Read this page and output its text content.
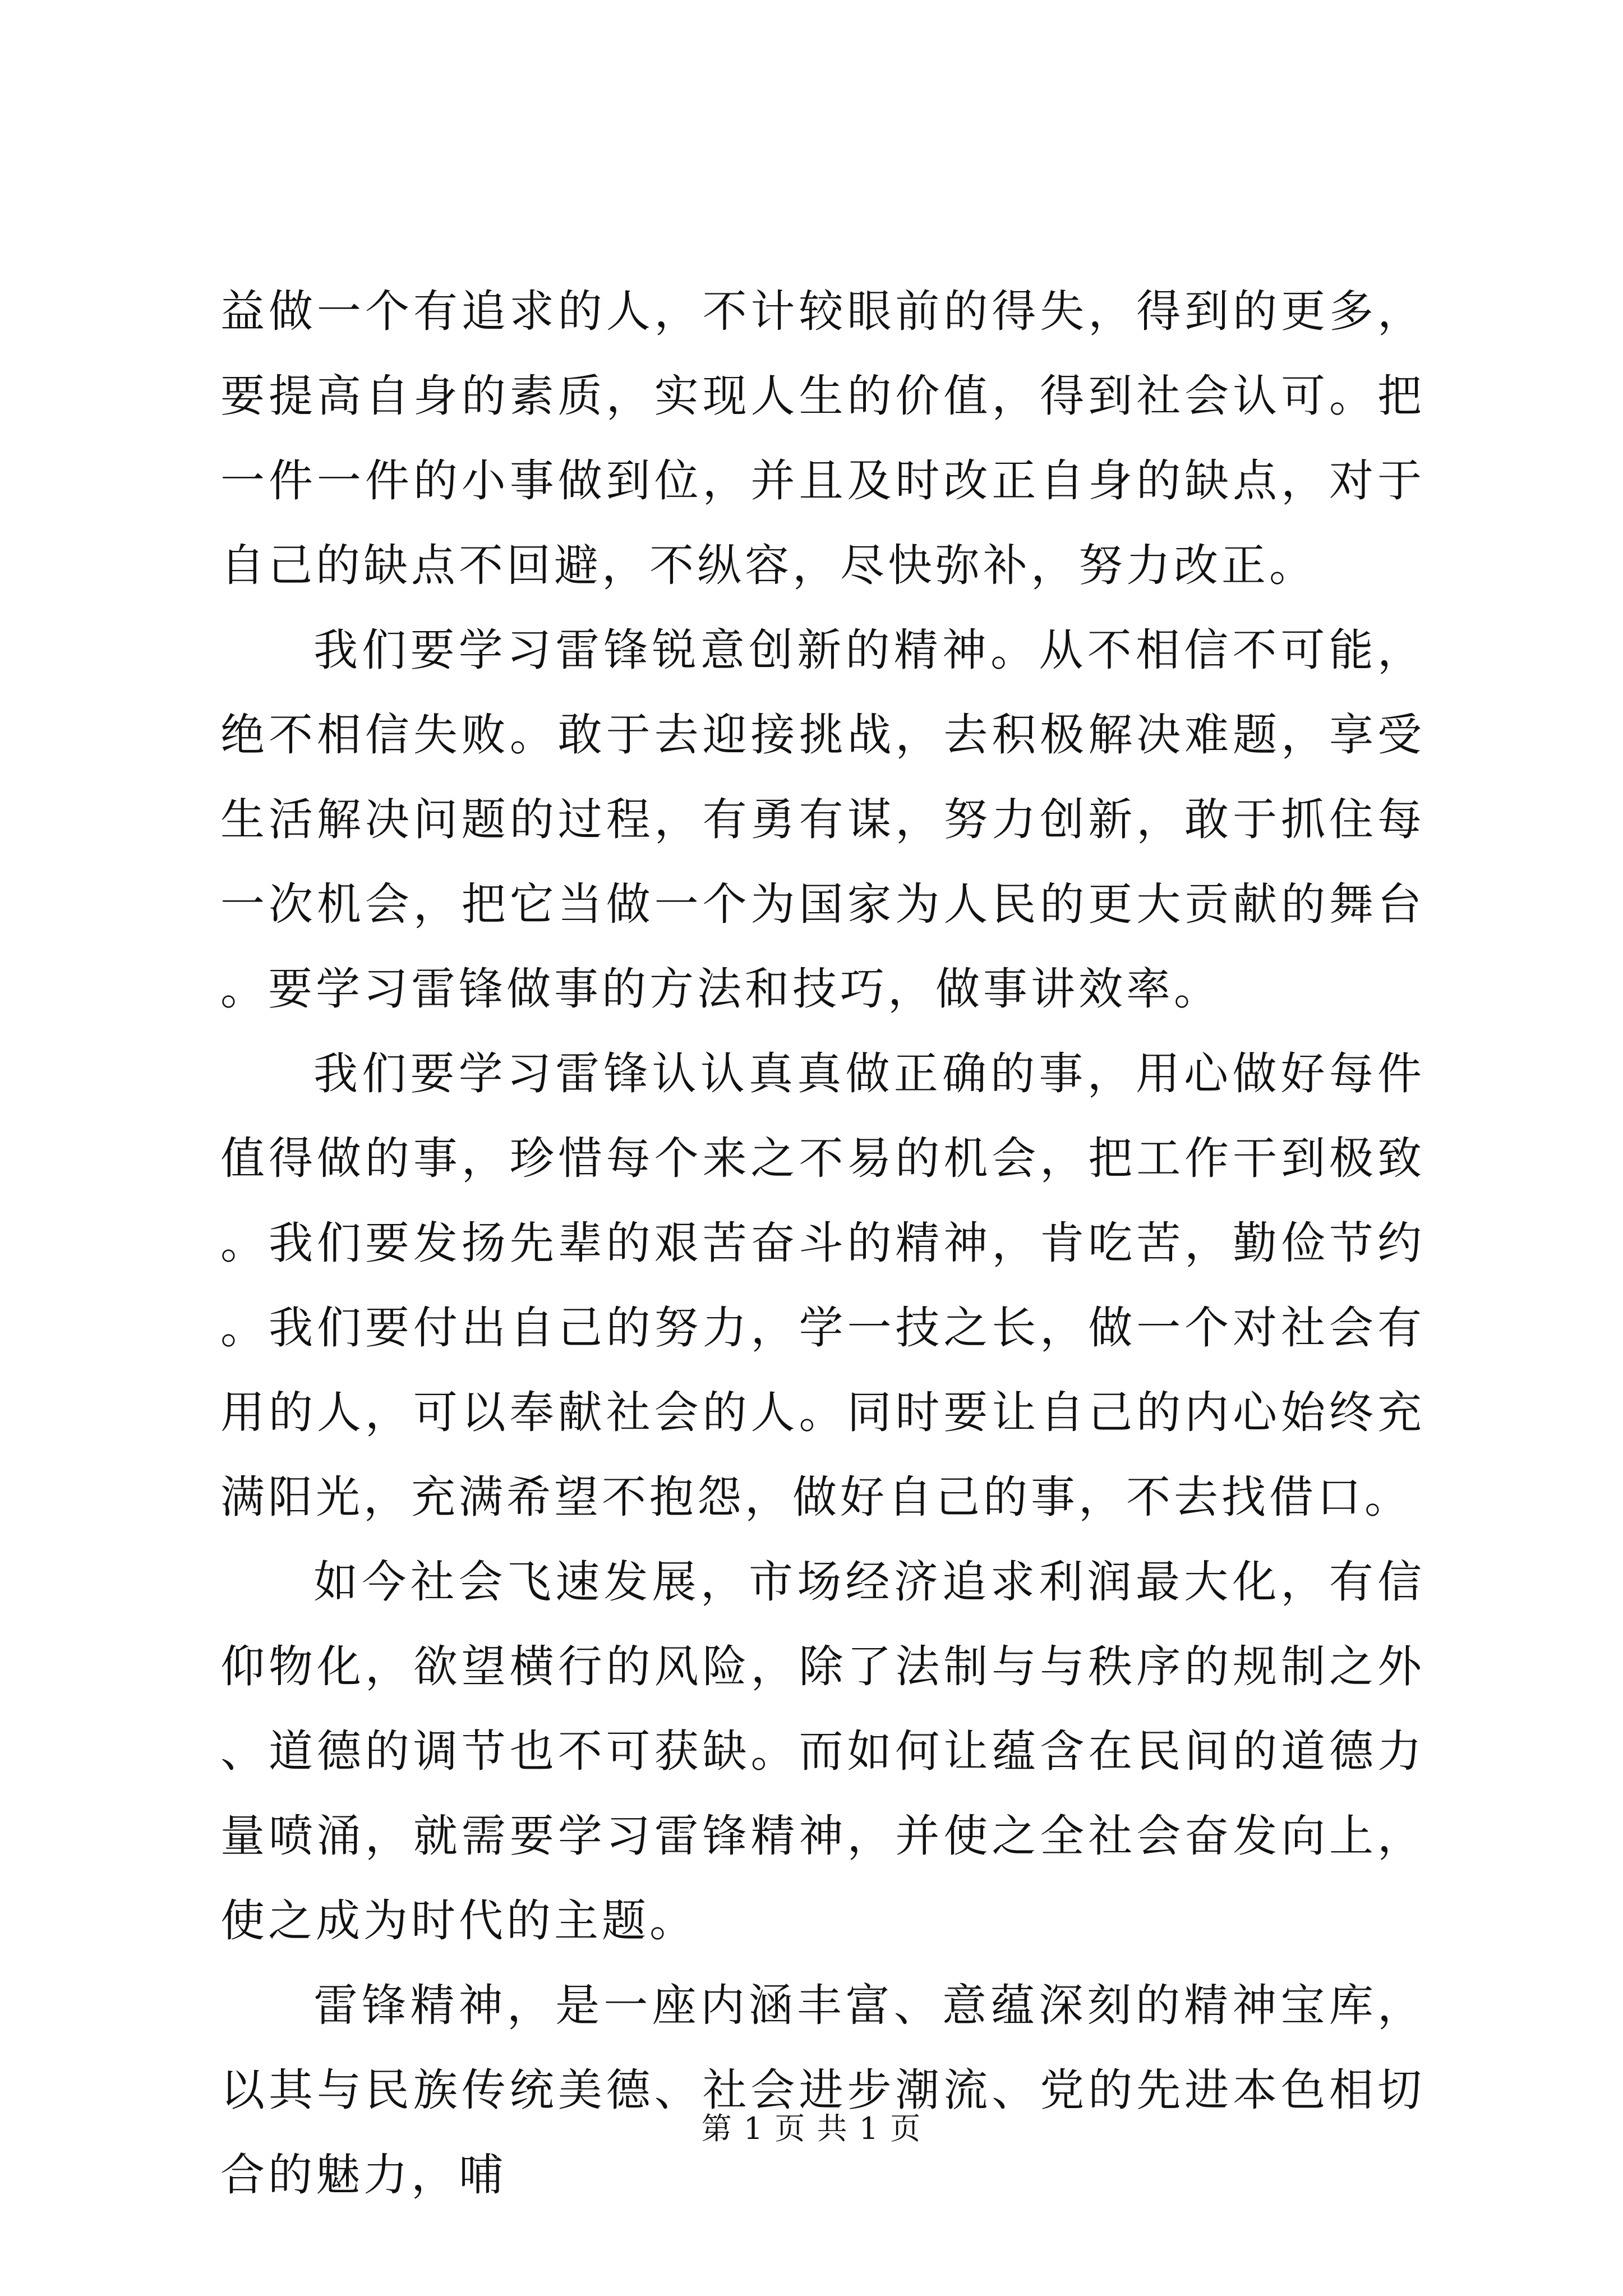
益做一个有追求的人，不计较眼前的得失，得到的更多，要提高自身的素质，实现人生的价值，得到社会认可。把一件一件的小事做到位，并且及时改正自身的缺点，对于自己的缺点不回避，不纵容，尽快弥补，努力改正。

我们要学习雷锋锐意创新的精神。从不相信不可能，绝不相信失败。敢于去迎接挑战，去积极解决难题，享受生活解决问题的过程，有勇有谋，努力创新，敢于抓住每一次机会，把它当做一个为国家为人民的更大贡献的舞台。要学习雷锋做事的方法和技巧，做事讲效率。

我们要学习雷锋认认真真做正确的事，用心做好每件值得做的事，珍惜每个来之不易的机会，把工作干到极致。我们要发扬先辈的艰苦奋斗的精神，肯吃苦，勤俭节约。我们要付出自己的努力，学一技之长，做一个对社会有用的人，可以奉献社会的人。同时要让自己的内心始终充满阳光，充满希望不抱怨，做好自己的事，不去找借口。

如今社会飞速发展，市场经济追求利润最大化，有信仰物化，欲望横行的风险，除了法制与与秩序的规制之外、道德的调节也不可获缺。而如何让蕴含在民间的道德力量喷涌，就需要学习雷锋精神，并使之全社会奋发向上，使之成为时代的主题。

雷锋精神，是一座内涵丰富、意蕴深刻的精神宝库，以其与民族传统美德、社会进步潮流、党的先进本色相切合的魅力，哺

第 1 页 共 1 页
